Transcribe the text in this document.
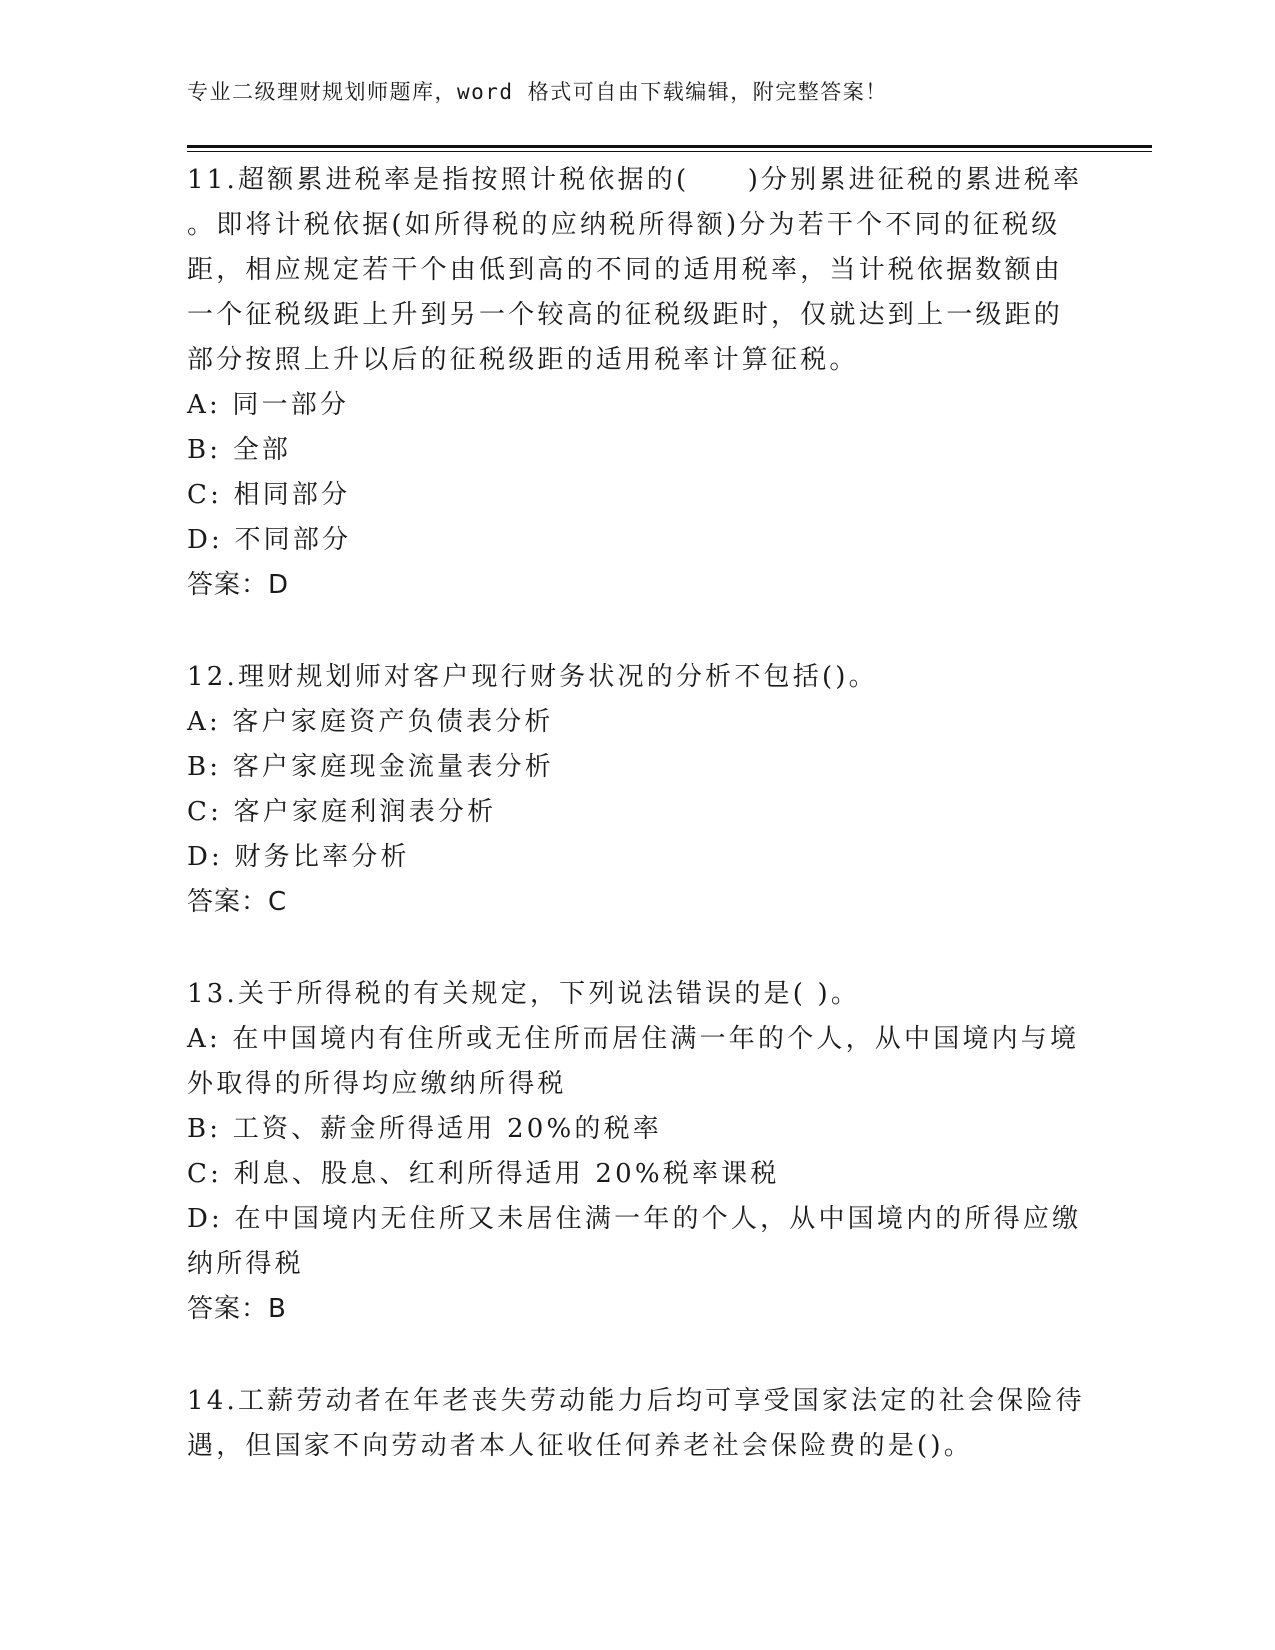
专业二级理财规划师题库，word 格式可自由下载编辑，附完整答案！
11.超额累进税率是指按照计税依据的(　　)分别累进征税的累进税率
。即将计税依据(如所得税的应纳税所得额)分为若干个不同的征税级
距，相应规定若干个由低到高的不同的适用税率，当计税依据数额由
一个征税级距上升到另一个较高的征税级距时，仅就达到上一级距的
部分按照上升以后的征税级距的适用税率计算征税。
A: 同一部分
B: 全部
C: 相同部分
D: 不同部分
答案：D
12.理财规划师对客户现行财务状况的分析不包括()。
A: 客户家庭资产负债表分析
B: 客户家庭现金流量表分析
C: 客户家庭利润表分析
D: 财务比率分析
答案：C
13.关于所得税的有关规定，下列说法错误的是( )。
A: 在中国境内有住所或无住所而居住满一年的个人，从中国境内与境
外取得的所得均应缴纳所得税
B: 工资、薪金所得适用 20%的税率
C: 利息、股息、红利所得适用 20%税率课税
D: 在中国境内无住所又未居住满一年的个人，从中国境内的所得应缴
纳所得税
答案：B
14.工薪劳动者在年老丧失劳动能力后均可享受国家法定的社会保险待
遇，但国家不向劳动者本人征收任何养老社会保险费的是()。
